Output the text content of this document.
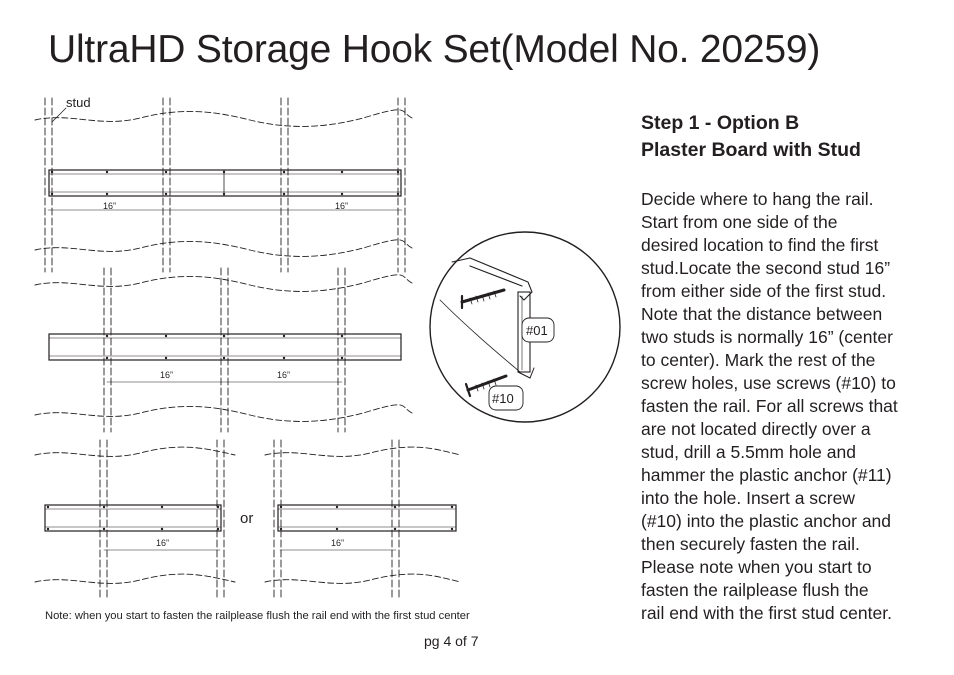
UltraHD Storage Hook Set(Model No. 20259)
stud
16”	16”
16”	16”
16”	16”
or
#01
#10
Step 1 - Option B
Plaster Board with Stud
Decide where to hang the rail.
Start from one side of the
desired location to find the first
stud.Locate the second stud 16”
from either side of the first stud.
Note that the distance between
two studs is normally 16” (center
to center). Mark the rest of the
screw holes, use screws (#10) to
fasten the rail. For all screws that
are not located directly over a
stud, drill a 5.5mm hole and
hammer the plastic anchor (#11)
into the hole. Insert a screw
(#10) into the plastic anchor and
then securely fasten the rail.
Please note when you start to
fasten the railplease flush the
rail end with the first stud center.
Note: when you start to fasten the railplease flush the rail end with the first stud center
pg 4 of 7
